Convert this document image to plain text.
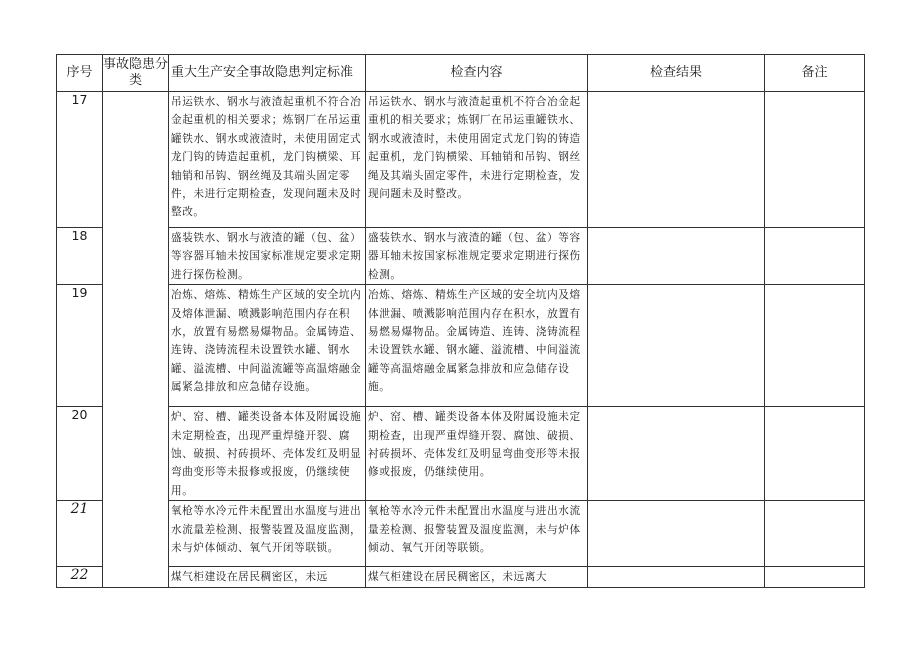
序号	事故隐患分类	重大生产安全事故隐患判定标准	检查内容	检查结果	备注
17		吊运铁水、钢水与液渣起重机不符合冶金起重机的相关要求；炼钢厂在吊运重罐铁水、钢水或液渣时，未使用固定式龙门钩的铸造起重机，龙门钩横梁、耳轴销和吊钩、钢丝绳及其端头固定零件，未进行定期检查，发现问题未及时整改。	吊运铁水、钢水与液渣起重机不符合冶金起重机的相关要求；炼钢厂在吊运重罐铁水、钢水或液渣时，未使用固定式龙门钩的铸造起重机，龙门钩横梁、耳轴销和吊钩、钢丝绳及其端头固定零件，未进行定期检查，发现问题未及时整改。		

18		盛装铁水、钢水与液渣的罐（包、盆）等容器耳轴未按国家标准规定要求定期进行探伤检测。	盛装铁水、钢水与液渣的罐（包、盆）等容器耳轴未按国家标准规定要求定期进行探伤检测。		

19		冶炼、熔炼、精炼生产区域的安全坑内及熔体泄漏、喷溅影响范围内存在积水，放置有易燃易爆物品。金属铸造、连铸、浇铸流程未设置铁水罐、钢水罐、溢流槽、中间溢流罐等高温熔融金属紧急排放和应急储存设施。	冶炼、熔炼、精炼生产区域的安全坑内及熔体泄漏、喷溅影响范围内存在积水，放置有易燃易爆物品。金属铸造、连铸、浇铸流程未设置铁水罐、钢水罐、溢流槽、中间溢流罐等高温熔融金属紧急排放和应急储存设施。		

20		炉、窑、槽、罐类设备本体及附属设施未定期检查，出现严重焊缝开裂、腐蚀、破损、衬砖损坏、壳体发红及明显弯曲变形等未报修或报废，仍继续使用。	炉、窑、槽、罐类设备本体及附属设施未定期检查，出现严重焊缝开裂、腐蚀、破损、衬砖损坏、壳体发红及明显弯曲变形等未报修或报废，仍继续使用。		

21		氧枪等水冷元件未配置出水温度与进出水流量差检测、报警装置及温度监测，未与炉体倾动、氧气开闭等联锁。	氧枪等水冷元件未配置出水温度与进出水流量差检测、报警装置及温度监测，未与炉体倾动、氧气开闭等联锁。		

22		煤气柜建设在居民稠密区，未远	煤气柜建设在居民稠密区，未远离大		
